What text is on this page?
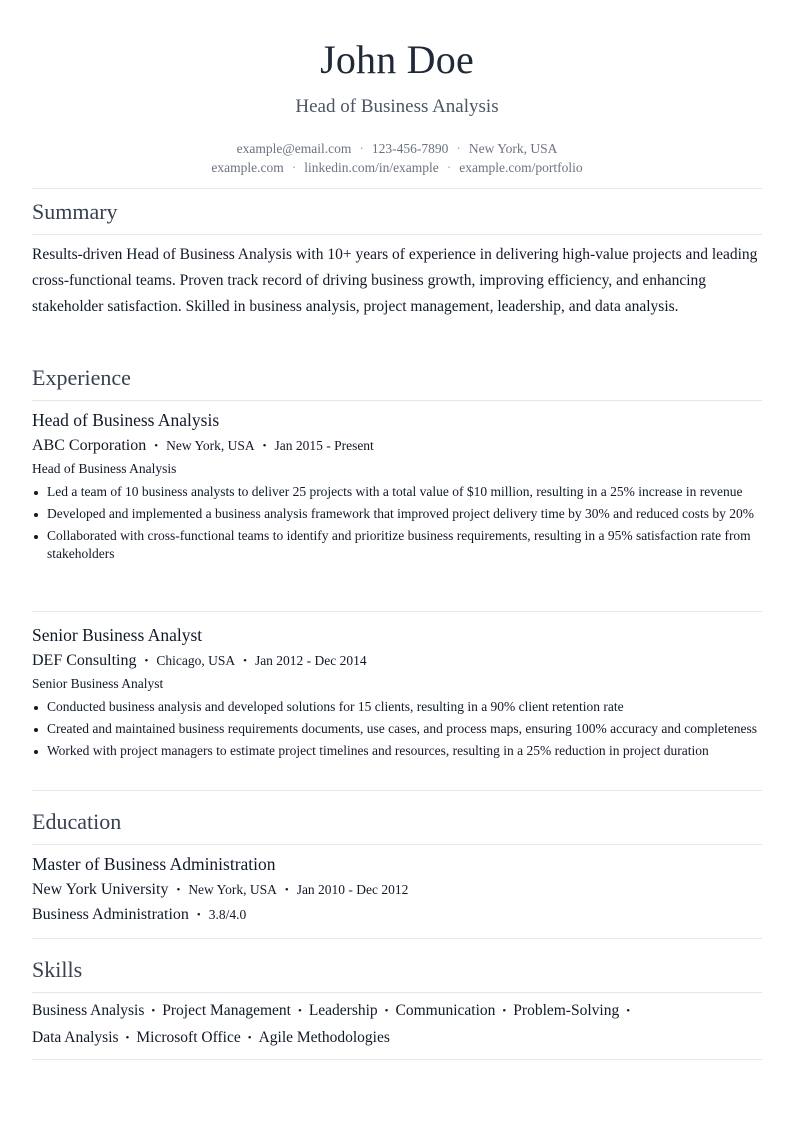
John Doe
Head of Business Analysis
example@email.com · 123-456-7890 · New York, USA
example.com · linkedin.com/in/example · example.com/portfolio
Summary
Results-driven Head of Business Analysis with 10+ years of experience in delivering high-value projects and leading cross-functional teams. Proven track record of driving business growth, improving efficiency, and enhancing stakeholder satisfaction. Skilled in business analysis, project management, leadership, and data analysis.
Experience
Head of Business Analysis
ABC Corporation • New York, USA • Jan 2015 - Present
Head of Business Analysis
Led a team of 10 business analysts to deliver 25 projects with a total value of $10 million, resulting in a 25% increase in revenue
Developed and implemented a business analysis framework that improved project delivery time by 30% and reduced costs by 20%
Collaborated with cross-functional teams to identify and prioritize business requirements, resulting in a 95% satisfaction rate from stakeholders
Senior Business Analyst
DEF Consulting • Chicago, USA • Jan 2012 - Dec 2014
Senior Business Analyst
Conducted business analysis and developed solutions for 15 clients, resulting in a 90% client retention rate
Created and maintained business requirements documents, use cases, and process maps, ensuring 100% accuracy and completeness
Worked with project managers to estimate project timelines and resources, resulting in a 25% reduction in project duration
Education
Master of Business Administration
New York University • New York, USA • Jan 2010 - Dec 2012
Business Administration • 3.8/4.0
Skills
Business Analysis • Project Management • Leadership • Communication • Problem-Solving •
Data Analysis • Microsoft Office • Agile Methodologies
